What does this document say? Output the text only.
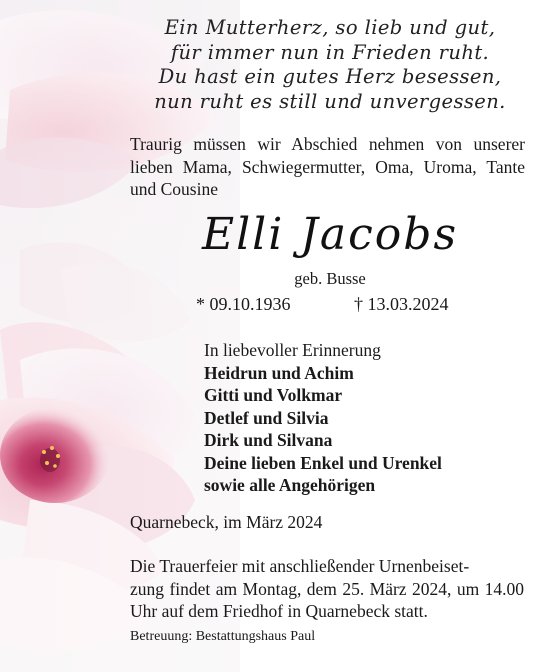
Ein Mutterherz, so lieb und gut,
für immer nun in Frieden ruht.
Du hast ein gutes Herz besessen,
nun ruht es still und unvergessen.
Traurig müssen wir Abschied nehmen von unserer lieben Mama, Schwiegermutter, Oma, Uroma, Tante und Cousine
Elli Jacobs
geb. Busse
* 09.10.1936	† 13.03.2024
In liebevoller Erinnerung
Heidrun und Achim
Gitti und Volkmar
Detlef und Silvia
Dirk und Silvana
Deine lieben Enkel und Urenkel
sowie alle Angehörigen
Quarnebeck, im März 2024
Die Trauerfeier mit anschließender Urnenbeiset-
zung findet am Montag, dem 25. März 2024, um 14.00 Uhr auf dem Friedhof in Quarnebeck statt.
Betreuung: Bestattungshaus Paul
